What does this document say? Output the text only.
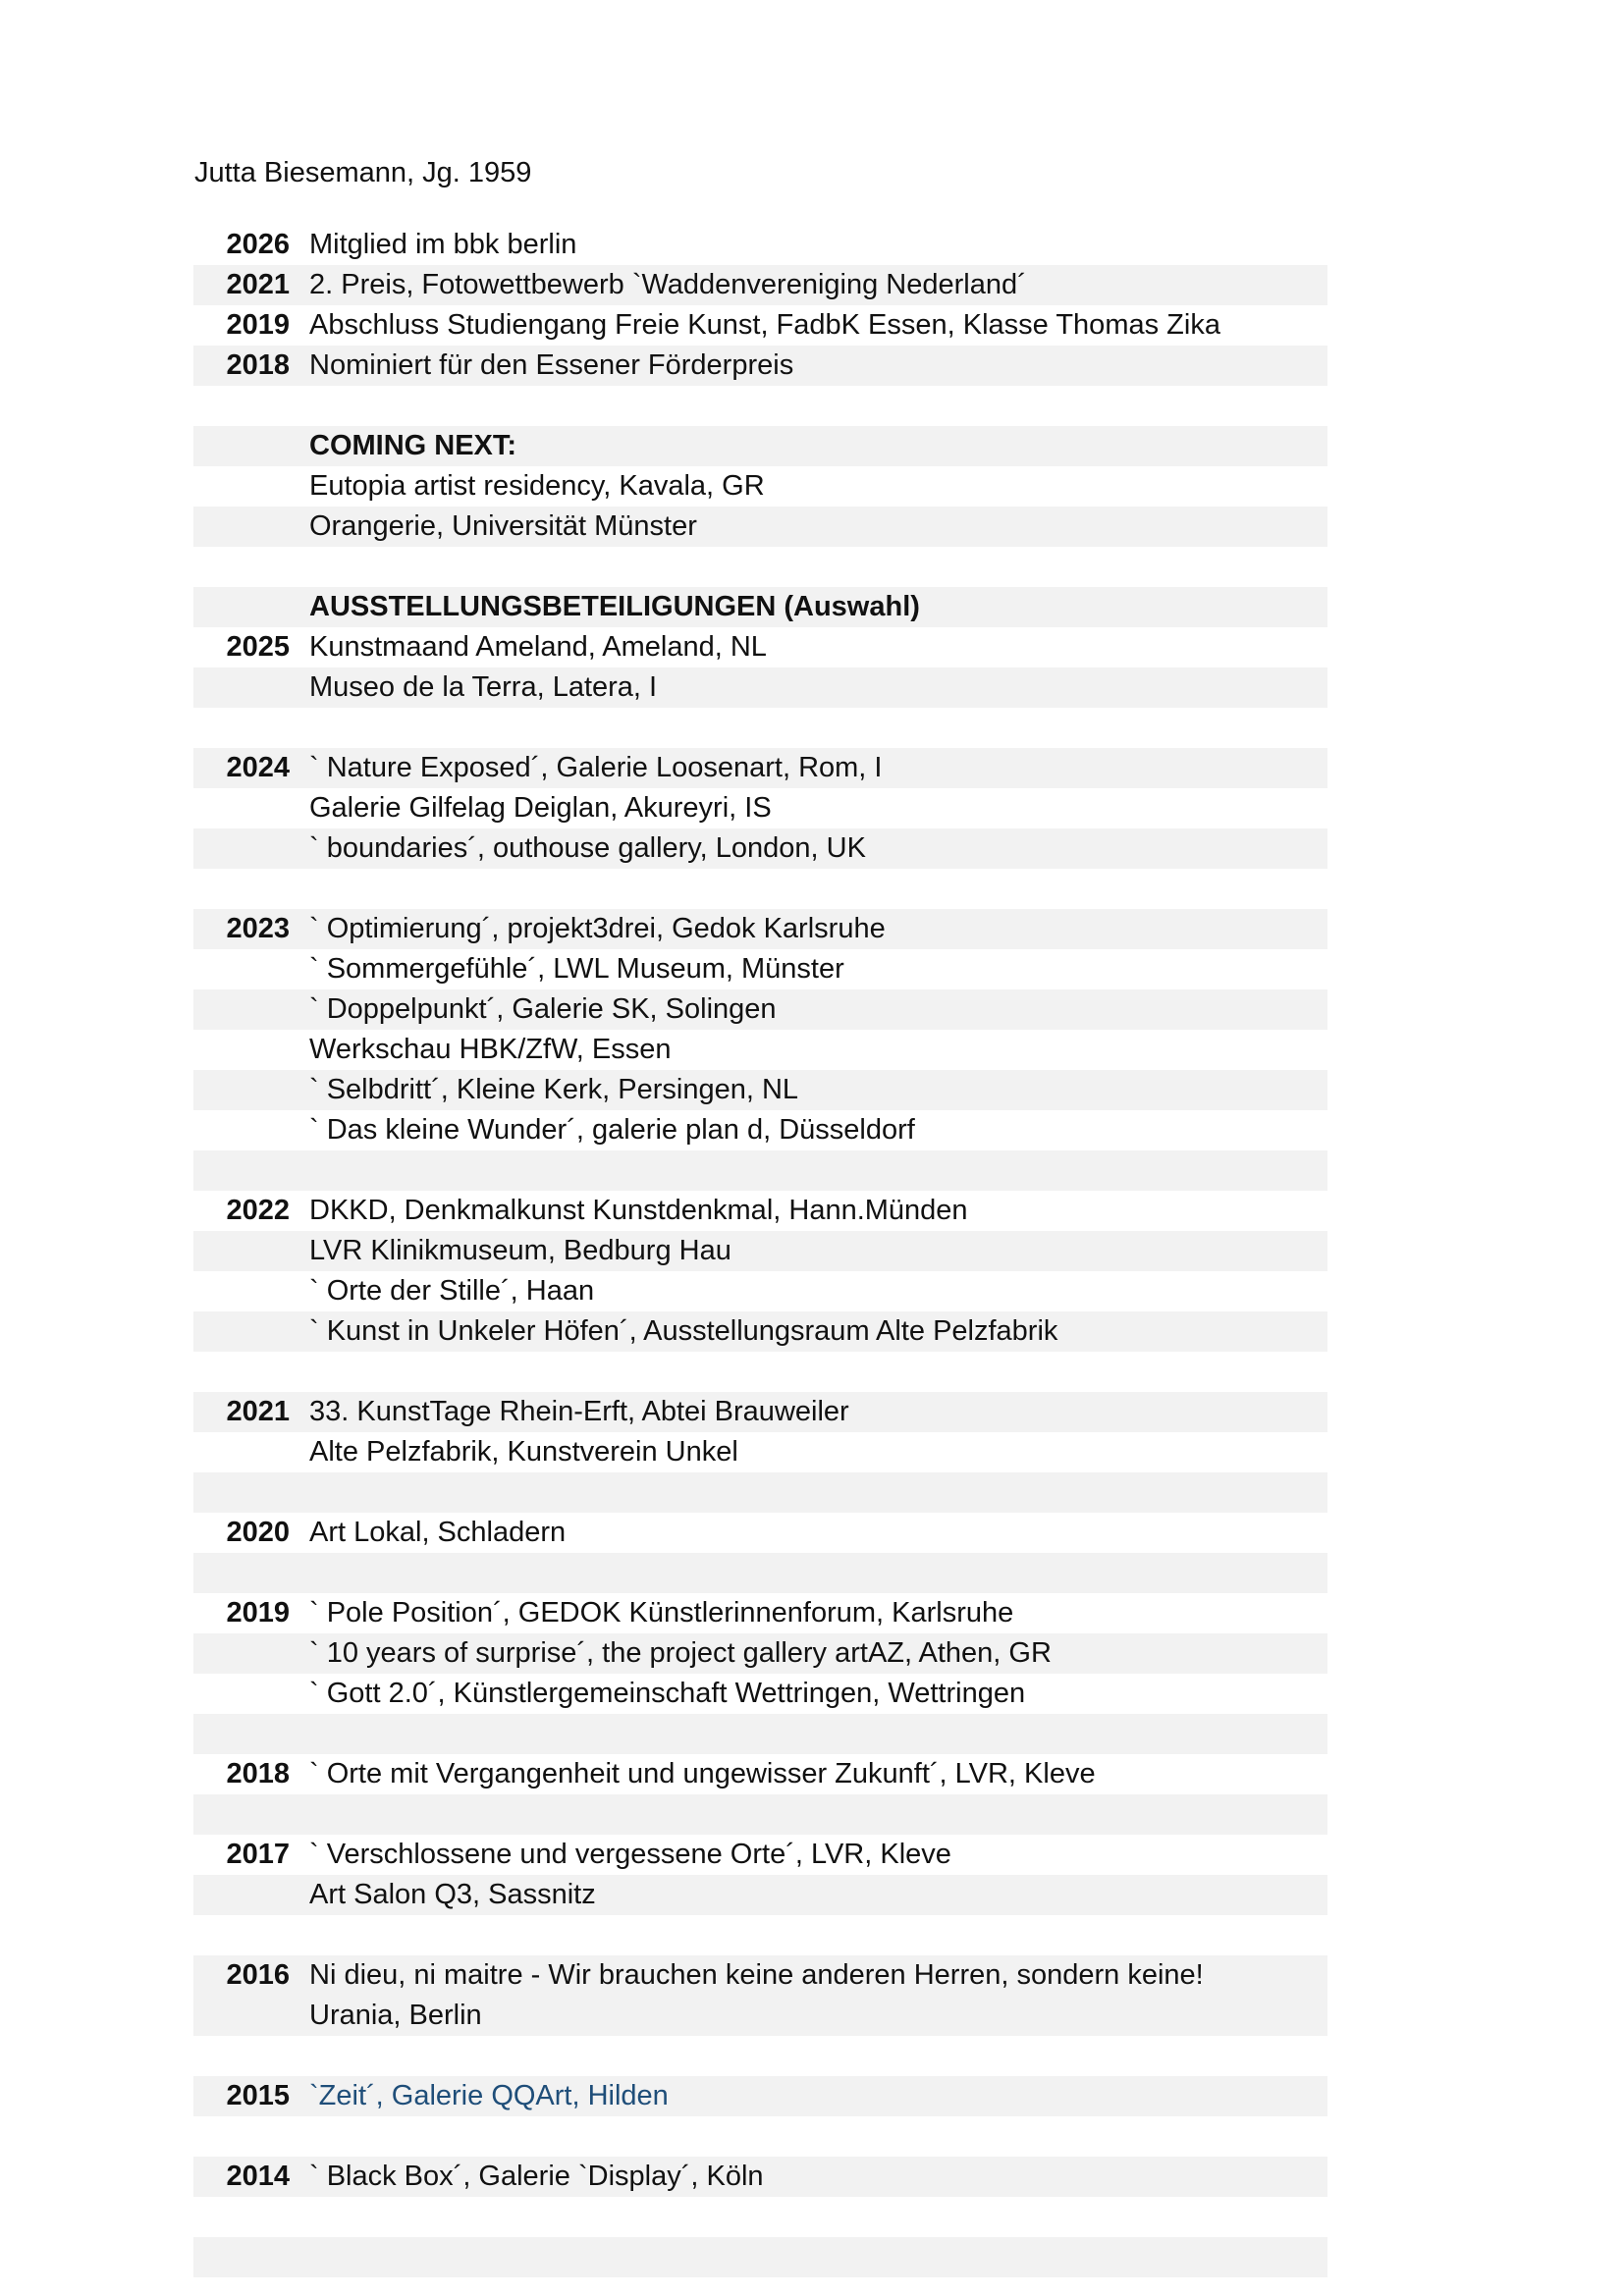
Jutta Biesemann, Jg. 1959
2026 Mitglied im bbk berlin
2021 2. Preis, Fotowettbewerb `Waddenvereniging Nederland´
2019 Abschluss Studiengang Freie Kunst, FadbK Essen, Klasse Thomas Zika
2018 Nominiert für den Essener Förderpreis
COMING NEXT:
Eutopia artist residency, Kavala, GR
Orangerie, Universität Münster
AUSSTELLUNGSBETEILIGUNGEN (Auswahl)
2025 Kunstmaand Ameland, Ameland, NL
Museo de la Terra, Latera, I
2024 ` Nature Exposed´, Galerie Loosenart, Rom, I
Galerie Gilfelag Deiglan, Akureyri, IS
` boundaries´, outhouse gallery, London, UK
2023 ` Optimierung´, projekt3drei, Gedok Karlsruhe
` Sommergefühle´, LWL Museum, Münster
` Doppelpunkt´, Galerie SK, Solingen
Werkschau HBK/ZfW, Essen
` Selbdritt´, Kleine Kerk, Persingen, NL
` Das kleine Wunder´, galerie plan d, Düsseldorf
2022 DKKD, Denkmalkunst Kunstdenkmal, Hann.Münden
LVR Klinikmuseum, Bedburg Hau
` Orte der Stille´, Haan
` Kunst in Unkeler Höfen´, Ausstellungsraum Alte Pelzfabrik
2021 33. KunstTage Rhein-Erft, Abtei Brauweiler
Alte Pelzfabrik, Kunstverein Unkel
2020 Art Lokal, Schladern
2019 ` Pole Position´, GEDOK Künstlerinnenforum, Karlsruhe
` 10 years of surprise´, the project gallery artAZ, Athen, GR
` Gott 2.0´, Künstlergemeinschaft Wettringen, Wettringen
2018 ` Orte mit Vergangenheit und ungewisser Zukunft´, LVR, Kleve
2017 ` Verschlossene und vergessene Orte´, LVR, Kleve
Art Salon Q3, Sassnitz
2016 Ni dieu, ni maitre - Wir brauchen keine anderen Herren, sondern keine!
Urania, Berlin
2015 `Zeit´, Galerie QQArt, Hilden
2014 ` Black Box´, Galerie `Display´, Köln
